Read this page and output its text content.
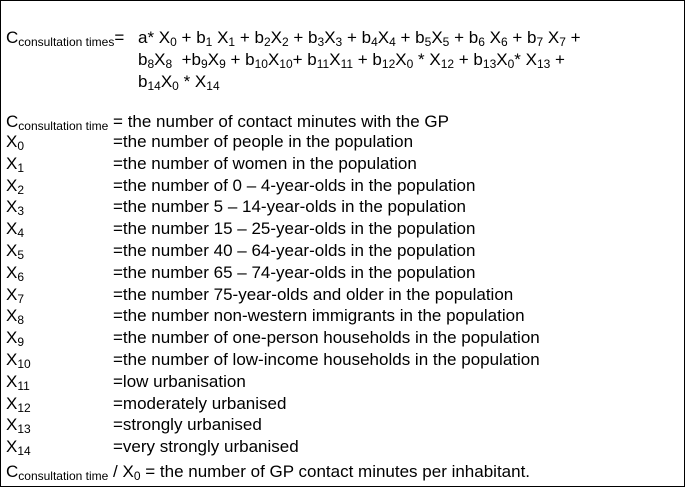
$C_{consultation times}= a*$ X0 + b1 X1 + b2X2 + b3X3 + b4X4 + b5X5 + b6 X6 + b7 X7 +
b8X8  +b9X9 + b10X10+ b11X11 + b12X0 * X12 + b13X0* X13 +
b14X0 * X14
$C_{consultation time}$ = the number of contact minutes with the GP
$X_0$	=the number of people in the population
$X_1$	=the number of women in the population
$X_2$	=the number of 0 – 4-year-olds in the population
$X_3$	=the number 5 – 14-year-olds in the population
$X_4$	=the number 15 – 25-year-olds in the population
$X_5$	=the number 40 – 64-year-olds in the population
$X_6$	=the number 65 – 74-year-olds in the population
$X_7$	=the number 75-year-olds and older in the population
$X_8$	=the number non-western immigrants in the population
$X_9$	=the number of one-person households in the population
$X_{10}$	=the number of low-income households in the population
$X_{11}$	=low urbanisation
$X_{12}$	=moderately urbanised
$X_{13}$	=strongly urbanised
$X_{14}$	=very strongly urbanised
$C_{consultation time} / X_0$ = the number of GP contact minutes per inhabitant.
